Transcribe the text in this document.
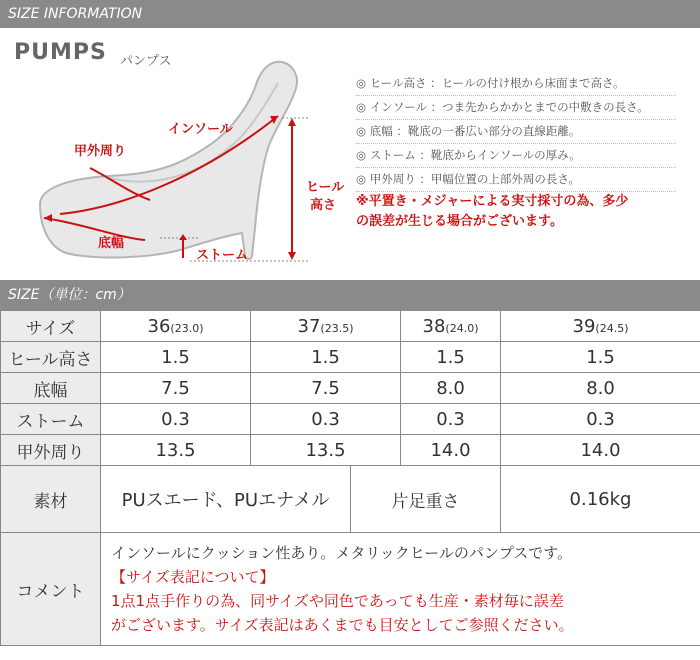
SIZE INFORMATION
PUMPS パンプス
インソール
甲外周り
ヒール
高さ
底幅
ストーム
◎ ヒール高さ ：ヒールの付け根から床面まで高さ。
◎ インソール ：つま先からかかとまでの中敷きの長さ。
◎ 底幅 ：靴底の一番広い部分の直線距離。
◎ ストーム ：靴底からインソールの厚み。
◎ 甲外周り ：甲幅位置の上部外周の長さ。
※平置き・メジャーによる実寸採寸の為、多少
の誤差が生じる場合がございます。
SIZE（単位：cm）
サイズ	36(23.0)	37(23.5)		38(24.0)	39(24.5)
ヒール高さ	1.5	1.5		1.5	1.5
底幅	7.5	7.5		8.0	8.0
ストーム	0.3	0.3		0.3	0.3
甲外周り	13.5	13.5		14.0	14.0
素材	PUスエード、PUエナメル		片足重さ		0.16kg
コメント	インソールにクッション性あり。メタリックヒールのパンプスです。
【サイズ表記について】
1点1点手作りの為、同サイズや同色であっても生産・素材毎に誤差
がございます。サイズ表記はあくまでも目安としてご参照ください。				
